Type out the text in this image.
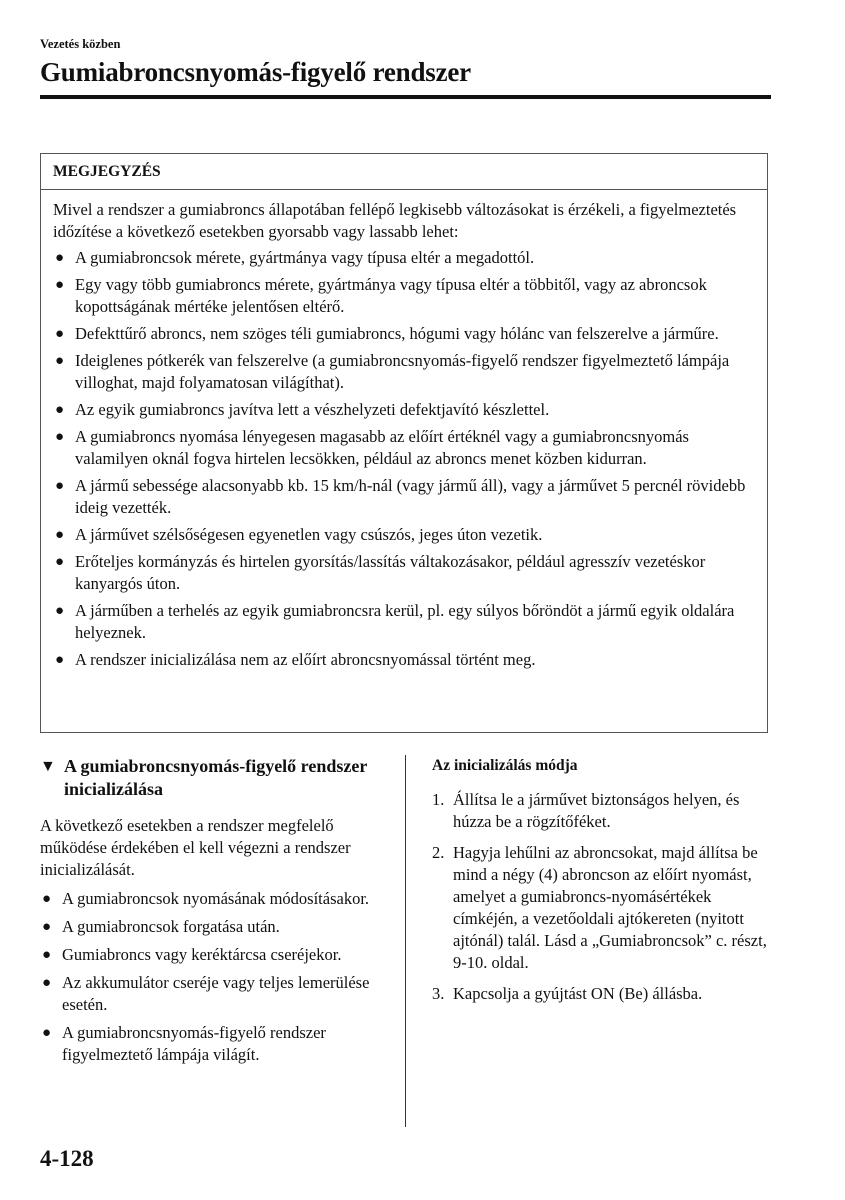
Vezetés közben
Gumiabroncsnyomás-figyelő rendszer
MEGJEGYZÉS

Mivel a rendszer a gumiabroncs állapotában fellépő legkisebb változásokat is érzékeli, a figyelmeztetés időzítése a következő esetekben gyorsabb vagy lassabb lehet:

● A gumiabroncsok mérete, gyártmánya vagy típusa eltér a megadottól.
● Egy vagy több gumiabroncs mérete, gyártmánya vagy típusa eltér a többitől, vagy az abroncsok kopottságának mértéke jelentősen eltérő.
● Defekttűrő abroncs, nem szöges téli gumiabroncs, hógumi vagy hólánc van felszerelve a járműre.
● Ideiglenes pótkerék van felszerelve (a gumiabroncsnyomás-figyelő rendszer figyelmeztető lámpája villoghat, majd folyamatosan világíthat).
● Az egyik gumiabroncs javítva lett a vészhelyzeti defektjavító készlettel.
● A gumiabroncs nyomása lényegesen magasabb az előírt értéknél vagy a gumiabroncsnyomás valamilyen oknál fogva hirtelen lecsökken, például az abroncs menet közben kidurran.
● A jármű sebessége alacsonyabb kb. 15 km/h-nál (vagy jármű áll), vagy a járművet 5 percnél rövidebb ideig vezették.
● A járművet szélsőségesen egyenetlen vagy csúszós, jeges úton vezetik.
● Erőteljes kormányzás és hirtelen gyorsítás/lassítás váltakozásakor, például agresszív vezetéskor kanyargós úton.
● A járműben a terhelés az egyik gumiabroncsra kerül, pl. egy súlyos bőröndöt a jármű egyik oldalára helyeznek.
● A rendszer inicializálása nem az előírt abroncsnyomással történt meg.
▼ A gumiabroncsnyomás-figyelő rendszer inicializálása

A következő esetekben a rendszer megfelelő működése érdekében el kell végezni a rendszer inicializálását.

● A gumiabroncsok nyomásának módosításakor.
● A gumiabroncsok forgatása után.
● Gumiabroncs vagy keréktárcsa cseréjekor.
● Az akkumulátor cseréje vagy teljes lemerülése esetén.
● A gumiabroncsnyomás-figyelő rendszer figyelmeztető lámpája világít.
Az inicializálás módja
1. Állítsa le a járművet biztonságos helyen, és húzza be a rögzítőféket.
2. Hagyja lehűlni az abroncsokat, majd állítsa be mind a négy (4) abroncson az előírt nyomást, amelyet a gumiabroncs-nyomásértékek címkéjén, a vezetőoldali ajtókereten (nyitott ajtónál) talál. Lásd a „Gumiabroncsok” c. részt, 9-10. oldal.
3. Kapcsolja a gyújtást ON (Be) állásba.
4-128
